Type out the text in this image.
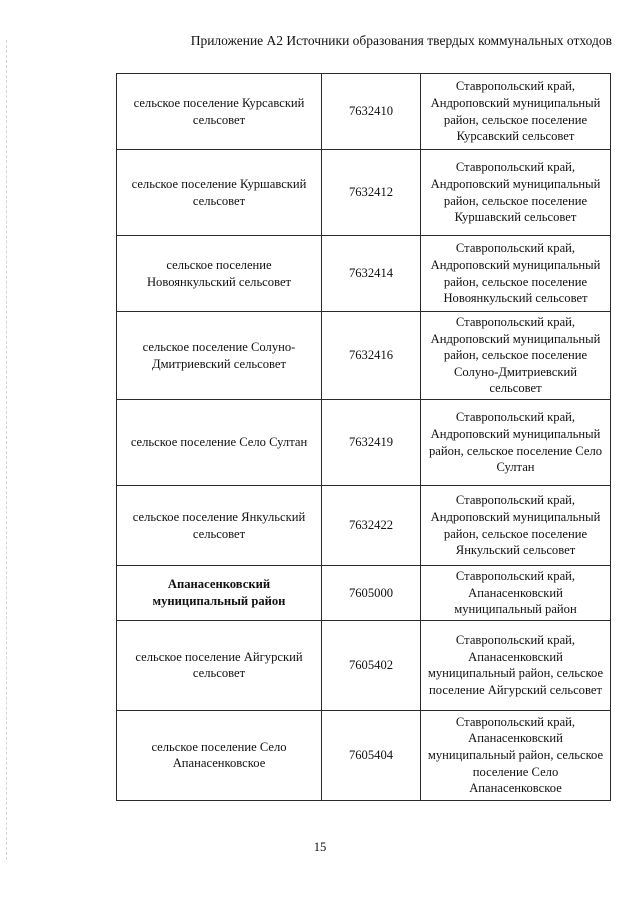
Приложение А2 Источники образования твердых коммунальных отходов
сельское поселение Курсавский сельсовет	7632410	Ставропольский край, Андроповский муниципальный район, сельское поселение Курсавский сельсовет
сельское поселение Куршавский сельсовет	7632412	Ставропольский край, Андроповский муниципальный район, сельское поселение Куршавский сельсовет
сельское поселение Новоянкульский сельсовет	7632414	Ставропольский край, Андроповский муниципальный район, сельское поселение Новоянкульский сельсовет
сельское поселение Солуно-Дмитриевский сельсовет	7632416	Ставропольский край, Андроповский муниципальный район, сельское поселение Солуно-Дмитриевский сельсовет
сельское поселение Село Султан	7632419	Ставропольский край, Андроповский муниципальный район, сельское поселение Село Султан
сельское поселение Янкульский сельсовет	7632422	Ставропольский край, Андроповский муниципальный район, сельское поселение Янкульский сельсовет
Апанасенковский муниципальный район	7605000	Ставропольский край, Апанасенковский муниципальный район
сельское поселение Айгурский сельсовет	7605402	Ставропольский край, Апанасенковский муниципальный район, сельское поселение Айгурский сельсовет
сельское поселение Село Апанасенковское	7605404	Ставропольский край, Апанасенковский муниципальный район, сельское поселение Село Апанасенковское
15
